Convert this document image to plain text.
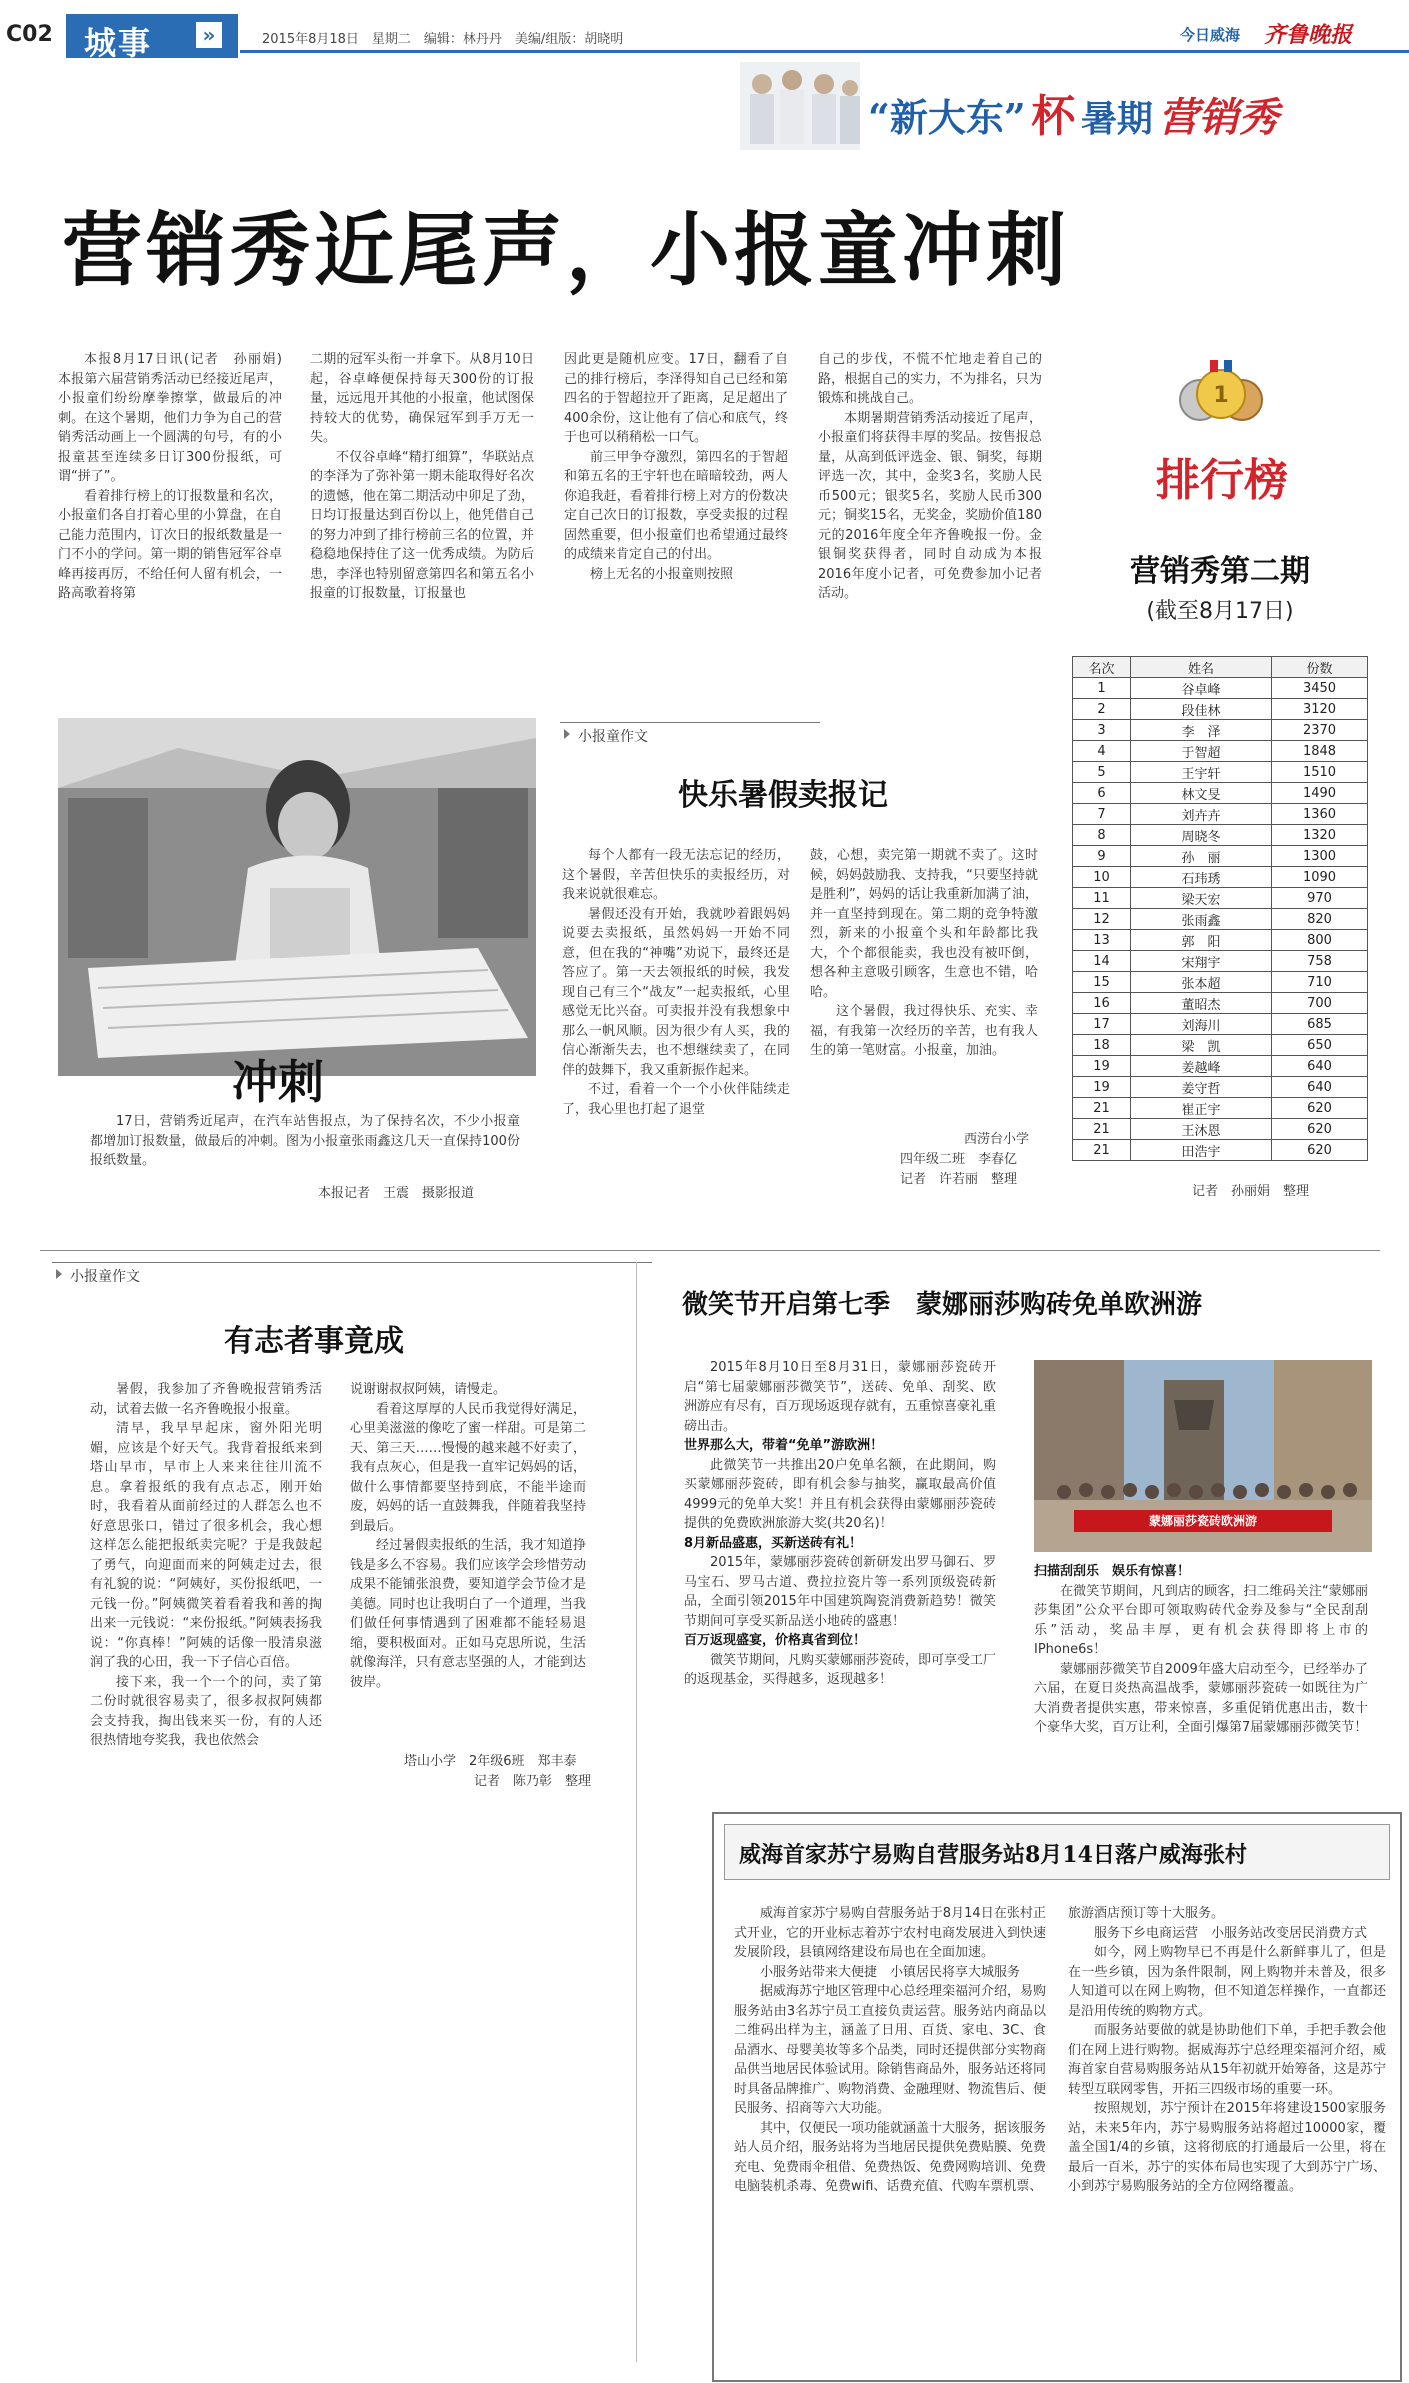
C02 城事	»	2015年8月18日　星期二　编辑：林丹丹　美编/组版：胡晓明	今日威海 齐鲁晚报
“新大东” 杯 暑期 营销秀
营销秀近尾声，小报童冲刺

本报8月17日讯(记者　孙丽娟)　本报第六届营销秀活动已经接近尾声，小报童们纷纷摩拳擦掌，做最后的冲刺。在这个暑期，他们力争为自己的营销秀活动画上一个圆满的句号，有的小报童甚至连续多日订300份报纸，可谓“拼了”。

看着排行榜上的订报数量和名次，小报童们各自打着心里的小算盘，在自己能力范围内，订次日的报纸数量是一门不小的学问。第一期的销售冠军谷卓峰再接再厉，不给任何人留有机会，一路高歌着将第

二期的冠军头衔一并拿下。从8月10日起，谷卓峰便保持每天300份的订报量，远远甩开其他的小报童，他试图保持较大的优势，确保冠军到手万无一失。

不仅谷卓峰“精打细算”，华联站点的李泽为了弥补第一期未能取得好名次的遗憾，他在第二期活动中卯足了劲，日均订报量达到百份以上，他凭借自己的努力冲到了排行榜前三名的位置，并稳稳地保持住了这一优秀成绩。为防后患，李泽也特别留意第四名和第五名小报童的订报数量，订报量也

因此更是随机应变。17日，翻看了自己的排行榜后，李泽得知自己已经和第四名的于智超拉开了距离，足足超出了400余份，这让他有了信心和底气，终于也可以稍稍松一口气。

前三甲争夺激烈，第四名的于智超和第五名的王宇轩也在暗暗较劲，两人你追我赶，看着排行榜上对方的份数决定自己次日的订报数，享受卖报的过程固然重要，但小报童们也希望通过最终的成绩来肯定自己的付出。

榜上无名的小报童则按照

自己的步伐，不慌不忙地走着自己的路，根据自己的实力，不为排名，只为锻炼和挑战自己。

本期暑期营销秀活动接近了尾声，小报童们将获得丰厚的奖品。按售报总量，从高到低评选金、银、铜奖，每期评选一次，其中，金奖3名，奖励人民币500元；银奖5名，奖励人民币300元；铜奖15名，无奖金，奖励价值180元的2016年度全年齐鲁晚报一份。金银铜奖获得者，同时自动成为本报2016年度小记者，可免费参加小记者活动。

1
排行榜
营销秀第二期
(截至8月17日)
名次	姓名	份数
1	谷卓峰	3450
2	段佳林	3120
3	李　泽	2370
4	于智超	1848
5	王宇轩	1510
6	林文旻	1490
7	刘卉卉	1360
8	周晓冬	1320
9	孙　丽	1300
10	石玮琇	1090
11	梁天宏	970
12	张雨鑫	820
13	郭　阳	800
14	宋翔宇	758
15	张本超	710
16	董昭杰	700
17	刘海川	685
18	梁　凯	650
19	姜越峰	640
19	姜守哲	640
21	崔正宇	620
21	王沐恩	620
21	田浩宇	620
记者　孙丽娟　整理
冲刺

17日，营销秀近尾声，在汽车站售报点，为了保持名次，不少小报童都增加订报数量，做最后的冲刺。图为小报童张雨鑫这几天一直保持100份报纸数量。

本报记者　王震　摄影报道
小报童作文
快乐暑假卖报记

每个人都有一段无法忘记的经历，这个暑假，辛苦但快乐的卖报经历，对我来说就很难忘。

暑假还没有开始，我就吵着跟妈妈说要去卖报纸，虽然妈妈一开始不同意，但在我的“神嘴”劝说下，最终还是答应了。第一天去领报纸的时候，我发现自己有三个“战友”一起卖报纸，心里感觉无比兴奋。可卖报并没有我想象中那么一帆风顺。因为很少有人买，我的信心渐渐失去，也不想继续卖了，在同伴的鼓舞下，我又重新振作起来。

不过，看着一个一个小伙伴陆续走了，我心里也打起了退堂

鼓，心想，卖完第一期就不卖了。这时候，妈妈鼓励我、支持我，“只要坚持就是胜利”，妈妈的话让我重新加满了油，并一直坚持到现在。第二期的竞争特激烈，新来的小报童个头和年龄都比我大，个个都很能卖，我也没有被吓倒，想各种主意吸引顾客，生意也不错，哈哈。

这个暑假，我过得快乐、充实、幸福，有我第一次经历的辛苦，也有我人生的第一笔财富。小报童，加油。

西涝台小学
四年级二班　李春亿
记者　许若丽　整理
小报童作文
有志者事竟成

暑假，我参加了齐鲁晚报营销秀活动，试着去做一名齐鲁晚报小报童。

清早，我早早起床，窗外阳光明媚，应该是个好天气。我背着报纸来到塔山早市，早市上人来来往往川流不息。拿着报纸的我有点忐忑，刚开始时，我看着从面前经过的人群怎么也不好意思张口，错过了很多机会，我心想这样怎么能把报纸卖完呢？于是我鼓起了勇气，向迎面而来的阿姨走过去，很有礼貌的说：“阿姨好，买份报纸吧，一元钱一份。”阿姨微笑着看着我和善的掏出来一元钱说：“来份报纸。”阿姨表扬我说：“你真棒！”阿姨的话像一股清泉滋润了我的心田，我一下子信心百倍。

接下来，我一个一个的问，卖了第二份时就很容易卖了，很多叔叔阿姨都会支持我，掏出钱来买一份，有的人还很热情地夸奖我，我也依然会

说谢谢叔叔阿姨，请慢走。

看着这厚厚的人民币我觉得好满足，心里美滋滋的像吃了蜜一样甜。可是第二天、第三天……慢慢的越来越不好卖了，我有点灰心，但是我一直牢记妈妈的话，做什么事情都要坚持到底，不能半途而废，妈妈的话一直鼓舞我，伴随着我坚持到最后。

经过暑假卖报纸的生活，我才知道挣钱是多么不容易。我们应该学会珍惜劳动成果不能铺张浪费，要知道学会节俭才是美德。同时也让我明白了一个道理，当我们做任何事情遇到了困难都不能轻易退缩，要积极面对。正如马克思所说，生活就像海洋，只有意志坚强的人，才能到达彼岸。

塔山小学　2年级6班　郑丰泰
记者　陈乃彰　整理
微笑节开启第七季　蒙娜丽莎购砖免单欧洲游

2015年8月10日至8月31日，蒙娜丽莎瓷砖开启“第七届蒙娜丽莎微笑节”，送砖、免单、刮奖、欧洲游应有尽有，百万现场返现存就有，五重惊喜豪礼重磅出击。

世界那么大，带着“免单”游欧洲！

此微笑节一共推出20户免单名额，在此期间，购买蒙娜丽莎瓷砖，即有机会参与抽奖，赢取最高价值4999元的免单大奖！并且有机会获得由蒙娜丽莎瓷砖提供的免费欧洲旅游大奖(共20名)！

8月新品盛惠，买新送砖有礼！

2015年，蒙娜丽莎瓷砖创新研发出罗马御石、罗马宝石、罗马古道、费拉拉瓷片等一系列顶级瓷砖新品，全面引领2015年中国建筑陶瓷消费新趋势！微笑节期间可享受买新品送小地砖的盛惠！

百万返现盛宴，价格真省到位！

微笑节期间，凡购买蒙娜丽莎瓷砖，即可享受工厂的返现基金，买得越多，返现越多！

蒙娜丽莎瓷砖欧洲游

扫描刮刮乐　娱乐有惊喜！

在微笑节期间，凡到店的顾客，扫二维码关注“蒙娜丽莎集团”公众平台即可领取购砖代金券及参与“全民刮刮乐”活动，奖品丰厚，更有机会获得即将上市的IPhone6s！

蒙娜丽莎微笑节自2009年盛大启动至今，已经举办了六届，在夏日炎热高温战季，蒙娜丽莎瓷砖一如既往为广大消费者提供实惠，带来惊喜，多重促销优惠出击，数十个豪华大奖，百万让利，全面引爆第7届蒙娜丽莎微笑节！

威海首家苏宁易购自营服务站8月14日落户威海张村

威海首家苏宁易购自营服务站于8月14日在张村正式开业，它的开业标志着苏宁农村电商发展进入到快速发展阶段，县镇网络建设布局也在全面加速。

小服务站带来大便捷　小镇居民将享大城服务

据威海苏宁地区管理中心总经理栾福河介绍，易购服务站由3名苏宁员工直接负责运营。服务站内商品以二维码出样为主，涵盖了日用、百货、家电、3C、食品酒水、母婴美妆等多个品类，同时还提供部分实物商品供当地居民体验试用。除销售商品外，服务站还将同时具备品牌推广、购物消费、金融理财、物流售后、便民服务、招商等六大功能。

其中，仅便民一项功能就涵盖十大服务，据该服务站人员介绍，服务站将为当地居民提供免费贴膜、免费充电、免费雨伞租借、免费热饭、免费网购培训、免费电脑装机杀毒、免费wifi、话费充值、代购车票机票、

旅游酒店预订等十大服务。

服务下乡电商运营　小服务站改变居民消费方式

如今，网上购物早已不再是什么新鲜事儿了，但是在一些乡镇，因为条件限制，网上购物并未普及，很多人知道可以在网上购物，但不知道怎样操作，一直都还是沿用传统的购物方式。

而服务站要做的就是协助他们下单，手把手教会他们在网上进行购物。据威海苏宁总经理栾福河介绍，威海首家自营易购服务站从15年初就开始筹备，这是苏宁转型互联网零售，开拓三四级市场的重要一环。

按照规划，苏宁预计在2015年将建设1500家服务站，未来5年内，苏宁易购服务站将超过10000家，覆盖全国1/4的乡镇，这将彻底的打通最后一公里，将在最后一百米，苏宁的实体布局也实现了大到苏宁广场、小到苏宁易购服务站的全方位网络覆盖。
